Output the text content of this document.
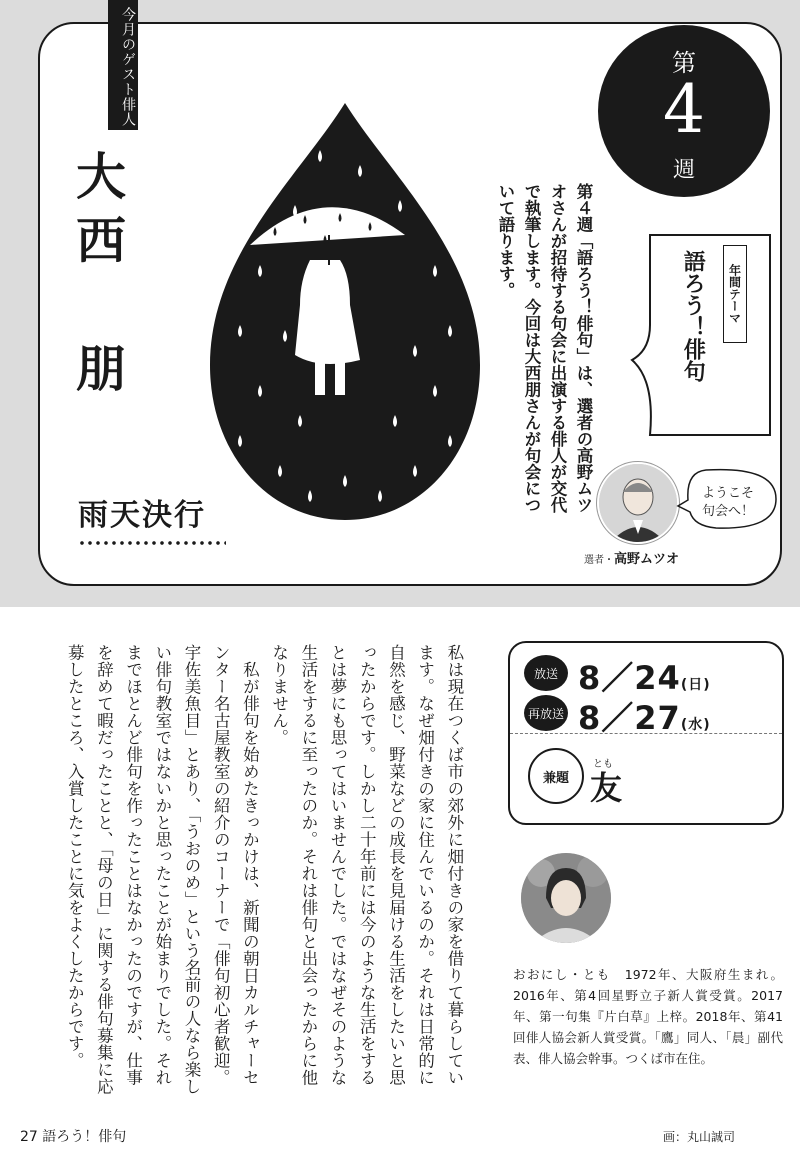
今月のゲスト俳人
大西　朋
雨天決行
第
4
週
第４週「語ろう！俳句」は、選者の高野ムツオさんが招待する句会に出演する俳人が交代で執筆します。今回は大西朋さんが句会について語ります。	年間テーマ
語ろう！俳句
ようこそ
句会へ！
選者・高野ムツオ
放送 8／24(日)
再放送 8／27(水)
兼題
とも
友
おおにし・とも　1972年、大阪府生まれ。2016年、第4回星野立子新人賞受賞。2017年、第一句集『片白草』上梓。2018年、第41回俳人協会新人賞受賞。「鷹」同人、「晨」副代表、俳人協会幹事。つくば市在住。

私は現在つくば市の郊外に畑付きの家を借りて暮らしています。なぜ畑付きの家に住んでいるのか。それは日常的に自然を感じ、野菜などの成長を見届ける生活をしたいと思ったからです。しかし二十年前には今のような生活をするとは夢にも思ってはいませんでした。ではなぜそのような生活をするに至ったのか。それは俳句と出会ったからに他なりません。

私が俳句を始めたきっかけは、新聞の朝日カルチャーセンター名古屋教室の紹介のコーナーで「俳句初心者歓迎。宇佐美魚目」とあり、「うおのめ」という名前の人なら楽しい俳句教室ではないかと思ったことが始まりでした。それまでほとんど俳句を作ったことはなかったのですが、仕事を辞めて暇だったことと、「母の日」に関する俳句募集に応募したところ、入賞したことに気をよくしたからです。

27 語ろう！俳句	画：丸山誠司
